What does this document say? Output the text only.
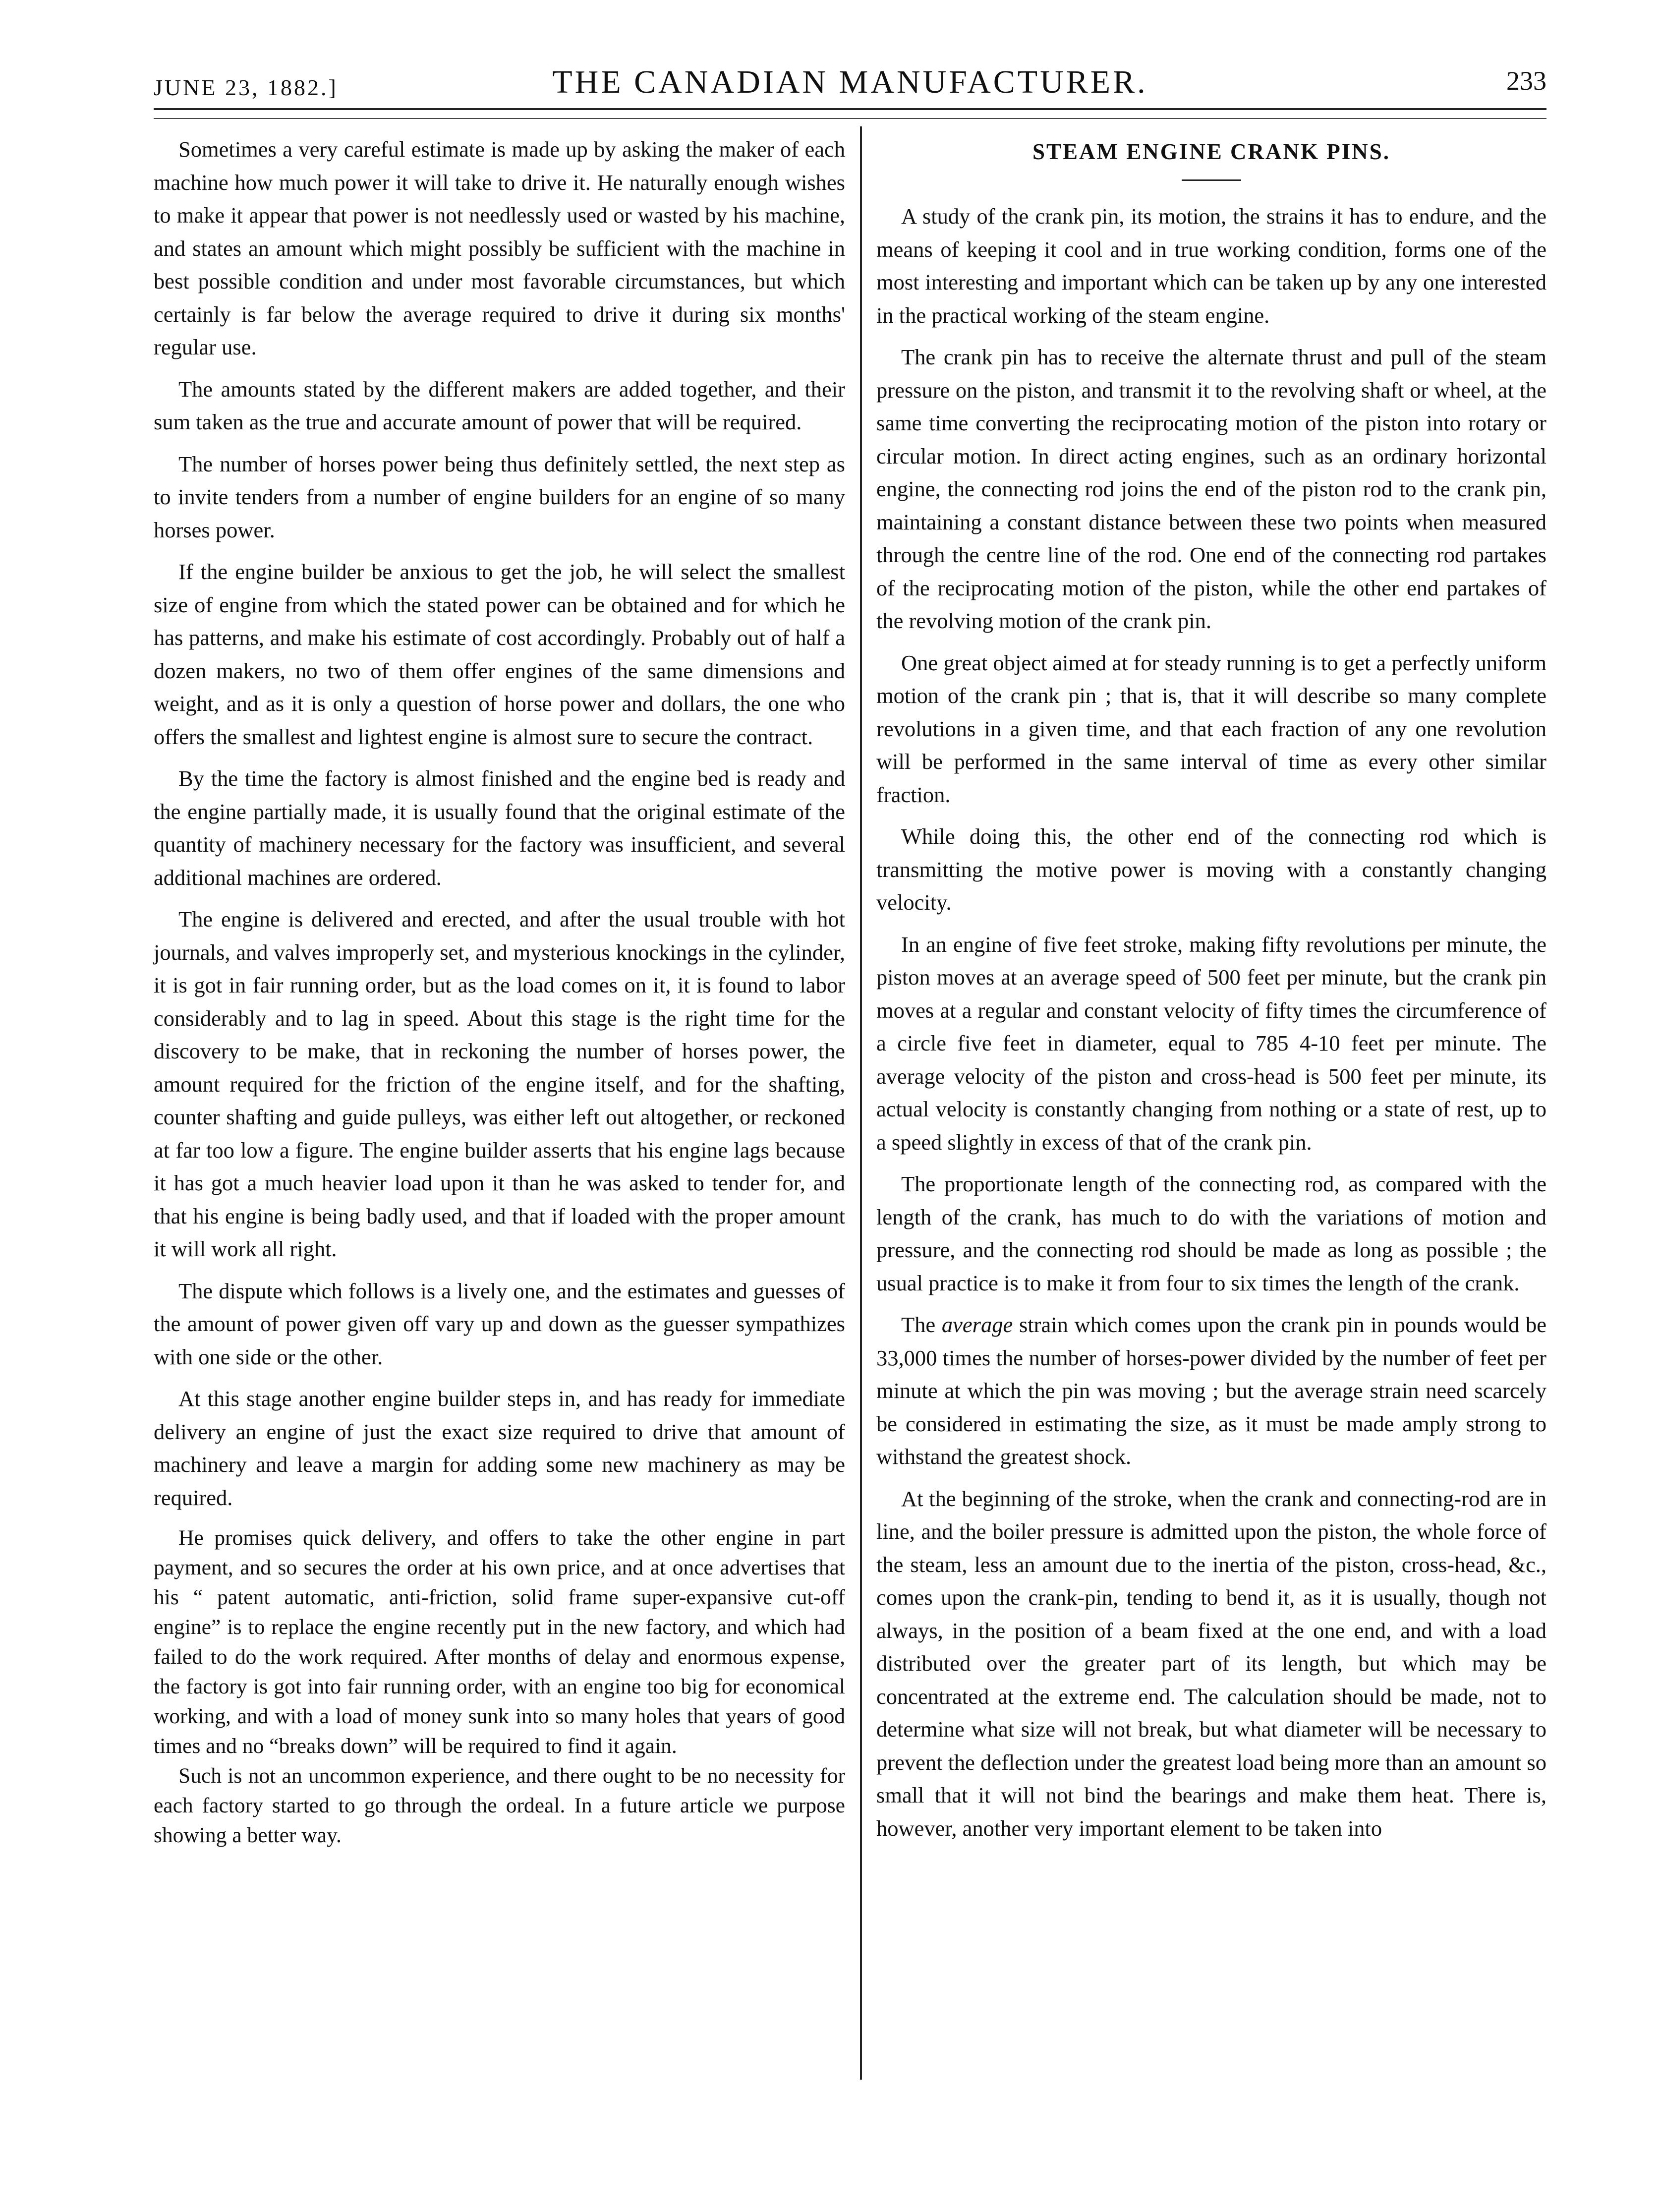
JUNE 23, 1882.]	THE CANADIAN MANUFACTURER.	233

Sometimes a very careful estimate is made up by asking the maker of each machine how much power it will take to drive it. He naturally enough wishes to make it appear that power is not needlessly used or wasted by his machine, and states an amount which might possibly be sufficient with the machine in best possible condition and under most favorable circumstances, but which certainly is far below the average required to drive it during six months' regular use.

The amounts stated by the different makers are added together, and their sum taken as the true and accurate amount of power that will be required.

The number of horses power being thus definitely settled, the next step as to invite tenders from a number of engine builders for an engine of so many horses power.

If the engine builder be anxious to get the job, he will select the smallest size of engine from which the stated power can be obtained and for which he has patterns, and make his estimate of cost accordingly. Probably out of half a dozen makers, no two of them offer engines of the same dimensions and weight, and as it is only a question of horse power and dollars, the one who offers the smallest and lightest engine is almost sure to secure the contract.

By the time the factory is almost finished and the engine bed is ready and the engine partially made, it is usually found that the original estimate of the quantity of machinery necessary for the factory was insufficient, and several additional machines are ordered.

The engine is delivered and erected, and after the usual trouble with hot journals, and valves improperly set, and mysterious knockings in the cylinder, it is got in fair running order, but as the load comes on it, it is found to labor considerably and to lag in speed. About this stage is the right time for the discovery to be make, that in reckoning the number of horses power, the amount required for the friction of the engine itself, and for the shafting, counter shafting and guide pulleys, was either left out altogether, or reckoned at far too low a figure. The engine builder asserts that his engine lags because it has got a much heavier load upon it than he was asked to tender for, and that his engine is being badly used, and that if loaded with the proper amount it will work all right.

The dispute which follows is a lively one, and the estimates and guesses of the amount of power given off vary up and down as the guesser sympathizes with one side or the other.

At this stage another engine builder steps in, and has ready for immediate delivery an engine of just the exact size required to drive that amount of machinery and leave a margin for adding some new machinery as may be required.

He promises quick delivery, and offers to take the other engine in part payment, and so secures the order at his own price, and at once advertises that his “ patent automatic, anti-friction, solid frame super-expansive cut-off engine” is to replace the engine recently put in the new factory, and which had failed to do the work required. After months of delay and enormous expense, the factory is got into fair running order, with an engine too big for economical working, and with a load of money sunk into so many holes that years of good times and no “breaks down” will be required to find it again.

Such is not an uncommon experience, and there ought to be no necessity for each factory started to go through the ordeal. In a future article we purpose showing a better way.

STEAM ENGINE CRANK PINS.

A study of the crank pin, its motion, the strains it has to endure, and the means of keeping it cool and in true working condition, forms one of the most interesting and important which can be taken up by any one interested in the practical working of the steam engine.

The crank pin has to receive the alternate thrust and pull of the steam pressure on the piston, and transmit it to the revolving shaft or wheel, at the same time converting the reciprocating motion of the piston into rotary or circular motion. In direct acting engines, such as an ordinary horizontal engine, the connecting rod joins the end of the piston rod to the crank pin, maintaining a constant distance between these two points when measured through the centre line of the rod. One end of the connecting rod partakes of the reciprocating motion of the piston, while the other end partakes of the revolving motion of the crank pin.

One great object aimed at for steady running is to get a perfectly uniform motion of the crank pin ; that is, that it will describe so many complete revolutions in a given time, and that each fraction of any one revolution will be performed in the same interval of time as every other similar fraction.

While doing this, the other end of the connecting rod which is transmitting the motive power is moving with a constantly changing velocity.

In an engine of five feet stroke, making fifty revolutions per minute, the piston moves at an average speed of 500 feet per minute, but the crank pin moves at a regular and constant velocity of fifty times the circumference of a circle five feet in diameter, equal to 785 4-10 feet per minute. The average velocity of the piston and cross-head is 500 feet per minute, its actual velocity is constantly changing from nothing or a state of rest, up to a speed slightly in excess of that of the crank pin.

The proportionate length of the connecting rod, as compared with the length of the crank, has much to do with the variations of motion and pressure, and the connecting rod should be made as long as possible ; the usual practice is to make it from four to six times the length of the crank.

The average strain which comes upon the crank pin in pounds would be 33,000 times the number of horses-power divided by the number of feet per minute at which the pin was moving ; but the average strain need scarcely be considered in estimating the size, as it must be made amply strong to withstand the greatest shock.

At the beginning of the stroke, when the crank and connecting-rod are in line, and the boiler pressure is admitted upon the piston, the whole force of the steam, less an amount due to the inertia of the piston, cross-head, &c., comes upon the crank-pin, tending to bend it, as it is usually, though not always, in the position of a beam fixed at the one end, and with a load distributed over the greater part of its length, but which may be concentrated at the extreme end. The calculation should be made, not to determine what size will not break, but what diameter will be necessary to prevent the deflection under the greatest load being more than an amount so small that it will not bind the bearings and make them heat. There is, however, another very important element to be taken into
